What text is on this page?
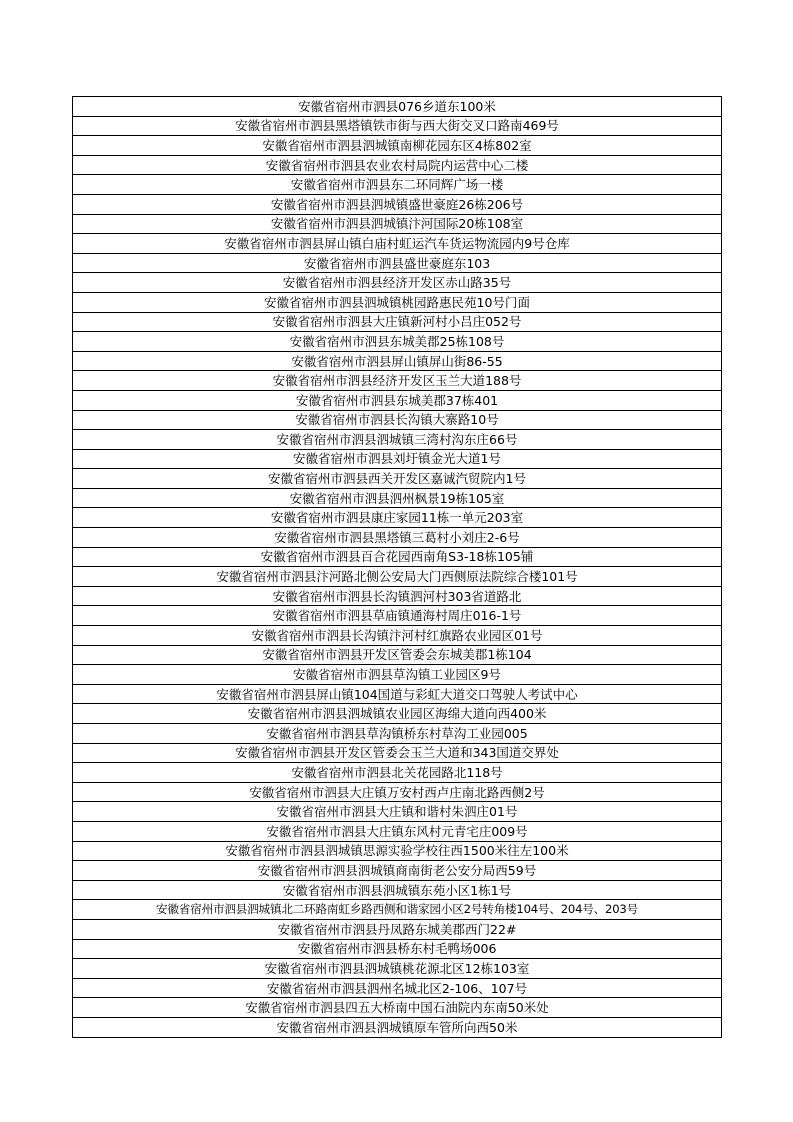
安徽省宿州市泗县076乡道东100米
安徽省宿州市泗县黑塔镇铁市街与西大街交叉口路南469号
安徽省宿州市泗县泗城镇南柳花园东区4栋802室
安徽省宿州市泗县农业农村局院内运营中心二楼
安徽省宿州市泗县东二环同辉广场一楼
安徽省宿州市泗县泗城镇盛世豪庭26栋206号
安徽省宿州市泗县泗城镇汴河国际20栋108室
安徽省宿州市泗县屏山镇白庙村虹运汽车货运物流园内9号仓库
安徽省宿州市泗县盛世豪庭东103
安徽省宿州市泗县经济开发区赤山路35号
安徽省宿州市泗县泗城镇桃园路惠民苑10号门面
安徽省宿州市泗县大庄镇新河村小吕庄052号
安徽省宿州市泗县东城美郡25栋108号
安徽省宿州市泗县屏山镇屏山街86-55
安徽省宿州市泗县经济开发区玉兰大道188号
安徽省宿州市泗县东城美郡37栋401
安徽省宿州市泗县长沟镇大寨路10号
安徽省宿州市泗县泗城镇三湾村沟东庄66号
安徽省宿州市泗县刘圩镇金光大道1号
安徽省宿州市泗县西关开发区嘉诚汽贸院内1号
安徽省宿州市泗县泗州枫景19栋105室
安徽省宿州市泗县康庄家园11栋一单元203室
安徽省宿州市泗县黑塔镇三葛村小刘庄2-6号
安徽省宿州市泗县百合花园西南角S3-18栋105铺
安徽省宿州市泗县汴河路北侧公安局大门西侧原法院综合楼101号
安徽省宿州市泗县长沟镇泗河村303省道路北
安徽省宿州市泗县草庙镇通海村周庄016-1号
安徽省宿州市泗县长沟镇汴河村红旗路农业园区01号
安徽省宿州市泗县开发区管委会东城美郡1栋104
安徽省宿州市泗县草沟镇工业园区9号
安徽省宿州市泗县屏山镇104国道与彩虹大道交口驾驶人考试中心
安徽省宿州市泗县泗城镇农业园区海绵大道向西400米
安徽省宿州市泗县草沟镇桥东村草沟工业园005
安徽省宿州市泗县开发区管委会玉兰大道和343国道交界处
安徽省宿州市泗县北关花园路北118号
安徽省宿州市泗县大庄镇万安村西卢庄南北路西侧2号
安徽省宿州市泗县大庄镇和谐村朱泗庄01号
安徽省宿州市泗县大庄镇东风村元青宅庄009号
安徽省宿州市泗县泗城镇思源实验学校往西1500米往左100米
安徽省宿州市泗县泗城镇商南街老公安分局西59号
安徽省宿州市泗县泗城镇东苑小区1栋1号
安徽省宿州市泗县泗城镇北二环路南虹乡路西侧和谐家园小区2号转角楼104号、204号、203号
安徽省宿州市泗县丹凤路东城美郡西门22#
安徽省宿州市泗县桥东村毛鸭场006
安徽省宿州市泗县泗城镇桃花源北区12栋103室
安徽省宿州市泗县泗州名城北区2-106、107号
安徽省宿州市泗县四五大桥南中国石油院内东南50米处
安徽省宿州市泗县泗城镇原车管所向西50米
